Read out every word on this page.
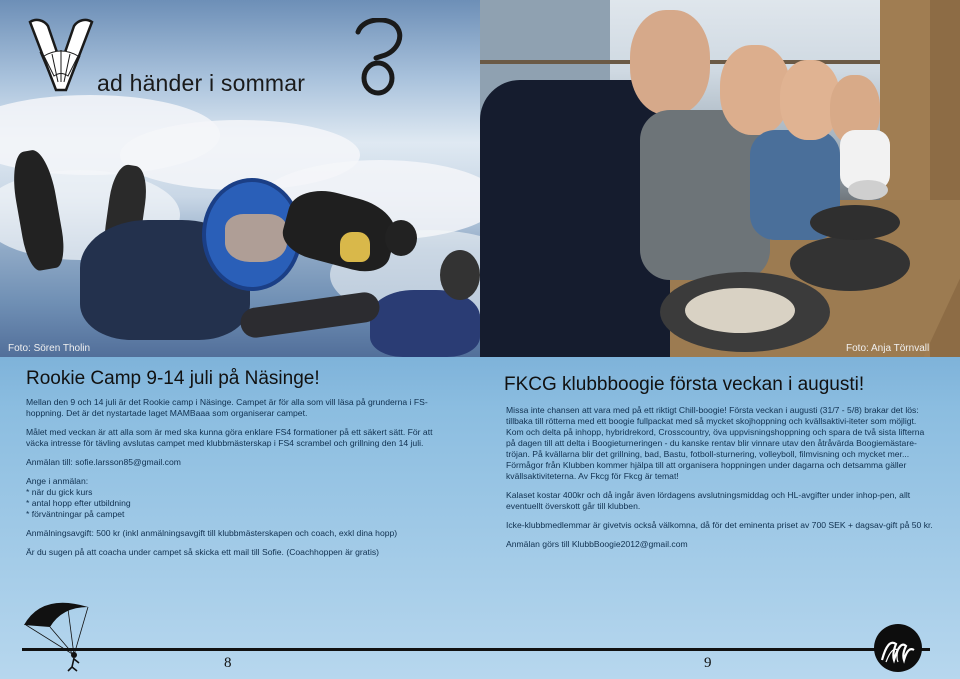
ad händer i sommar
Foto: Sören Tholin	Foto: Anja Törnvall
Rookie Camp 9-14 juli på Näsinge!

Mellan den 9 och 14 juli är det Rookie camp i Näsinge. Campet är för alla som vill läsa på grunderna i FS-hoppning. Det är det nystartade laget MAMBaaa som organiserar campet.

Målet med veckan är att alla som är med ska kunna göra enklare FS4 formationer på ett säkert sätt. För att väcka intresse för tävling avslutas campet med klubbmästerskap i FS4 scrambel och grillning den 14 juli.

Anmälan till: sofie.larsson85@gmail.com

Ange i anmälan:

* när du gick kurs

* antal hopp efter utbildning

* förväntningar på campet

Anmälningsavgift: 500 kr (inkl anmälningsavgift till klubbmästerskapen och coach, exkl dina hopp)

Är du sugen på att coacha under campet så skicka ett mail till Sofie. (Coachhoppen är gratis)

FKCG klubbboogie första veckan i augusti!

Missa inte chansen att vara med på ett riktigt Chill-boogie! Första veckan i augusti (31/7 - 5/8) brakar det lös: tillbaka till rötterna med ett boogie fullpackat med så mycket skojhoppning och kvällsaktivi-iteter som möjligt. Kom och delta på inhopp, hybridrekord, Crosscountry, öva uppvisningshoppning och spara de två sista lifterna på dagen till att delta i Boogieturneringen - du kanske rentav blir vinnare utav den åtråvärda Boogiemästare-tröjan. På kvällarna blir det grillning, bad, Bastu, fotboll-sturnering, volleyboll, filmvisning och mycket mer... Förmågor från Klubben kommer hjälpa till att organisera hoppningen under dagarna och detsamma gäller kvällsaktiviteterna. Av Fkcg för Fkcg är temat!

Kalaset kostar 400kr och då ingår även lördagens avslutningsmiddag och HL-avgifter under inhop-pen, allt eventuellt överskott går till klubben.

Icke-klubbmedlemmar är givetvis också välkomna, då för det eminenta priset av 700 SEK + dagsav-gift på 50 kr.

Anmälan görs till KlubbBoogie2012@gmail.com

8	9
